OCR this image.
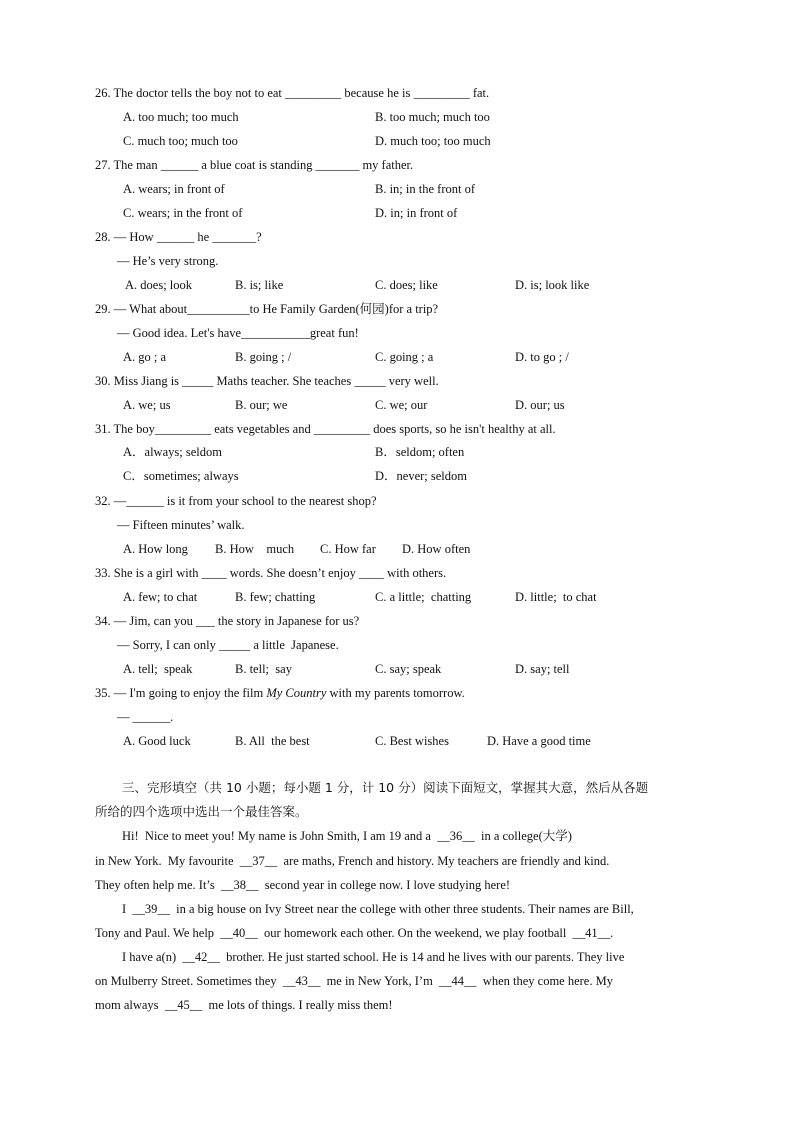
26. The doctor tells the boy not to eat _________ because he is _________ fat.
A. too much; too much	B. too much; much too
C. much too; much too	D. much too; too much
27. The man ______ a blue coat is standing _______ my father.
A. wears; in front of	B. in; in the front of
C. wears; in the front of	D. in; in front of
28. — How ______ he _______?
— He’s very strong.
A. does; look	B. is; like	C. does; like	D. is; look like
29. — What about__________to He Family Garden(何园)for a trip?
— Good idea. Let's have___________great fun!
A. go ; a	B. going ; /	C. going ; a	D. to go ; /
30. Miss Jiang is _____ Maths teacher. She teaches _____ very well.
A. we; us	B. our; we	C. we; our	D. our; us
31. The boy_________ eats vegetables and _________ does sports, so he isn't healthy at all.
A．always; seldom	B．seldom; often
C．sometimes; always	D．never; seldom
32. —______ is it from your school to the nearest shop?
— Fifteen minutes’ walk.
A. How long B. How    much C. How far D. How often
33. She is a girl with ____ words. She doesn’t enjoy ____ with others.
A. few; to chat	B. few; chatting	C. a little;  chatting	D. little;  to chat
34. — Jim, can you ___ the story in Japanese for us?
— Sorry, I can only _____ a little  Japanese.
A. tell;  speak	B. tell;  say	C. say; speak	D. say; tell
35. — I'm going to enjoy the film My Country with my parents tomorrow.
— ______.
A. Good luck	B. All  the best	C. Best wishes	D. Have a good time
三、完形填空（共 10 小题；每小题 1 分，计 10 分）阅读下面短文，掌握其大意，然后从各题
所给的四个选项中选出一个最佳答案。
Hi!  Nice to meet you! My name is John Smith, I am 19 and a  __36__  in a college(大学)
in New York.  My favourite  __37__  are maths, French and history. My teachers are friendly and kind.
They often help me. It’s  __38__  second year in college now. I love studying here!
I  __39__  in a big house on Ivy Street near the college with other three students. Their names are Bill,
Tony and Paul. We help  __40__  our homework each other. On the weekend, we play football  __41__.
I have a(n)  __42__  brother. He just started school. He is 14 and he lives with our parents. They live
on Mulberry Street. Sometimes they  __43__  me in New York, I’m  __44__  when they come here. My
mom always  __45__  me lots of things. I really miss them!
